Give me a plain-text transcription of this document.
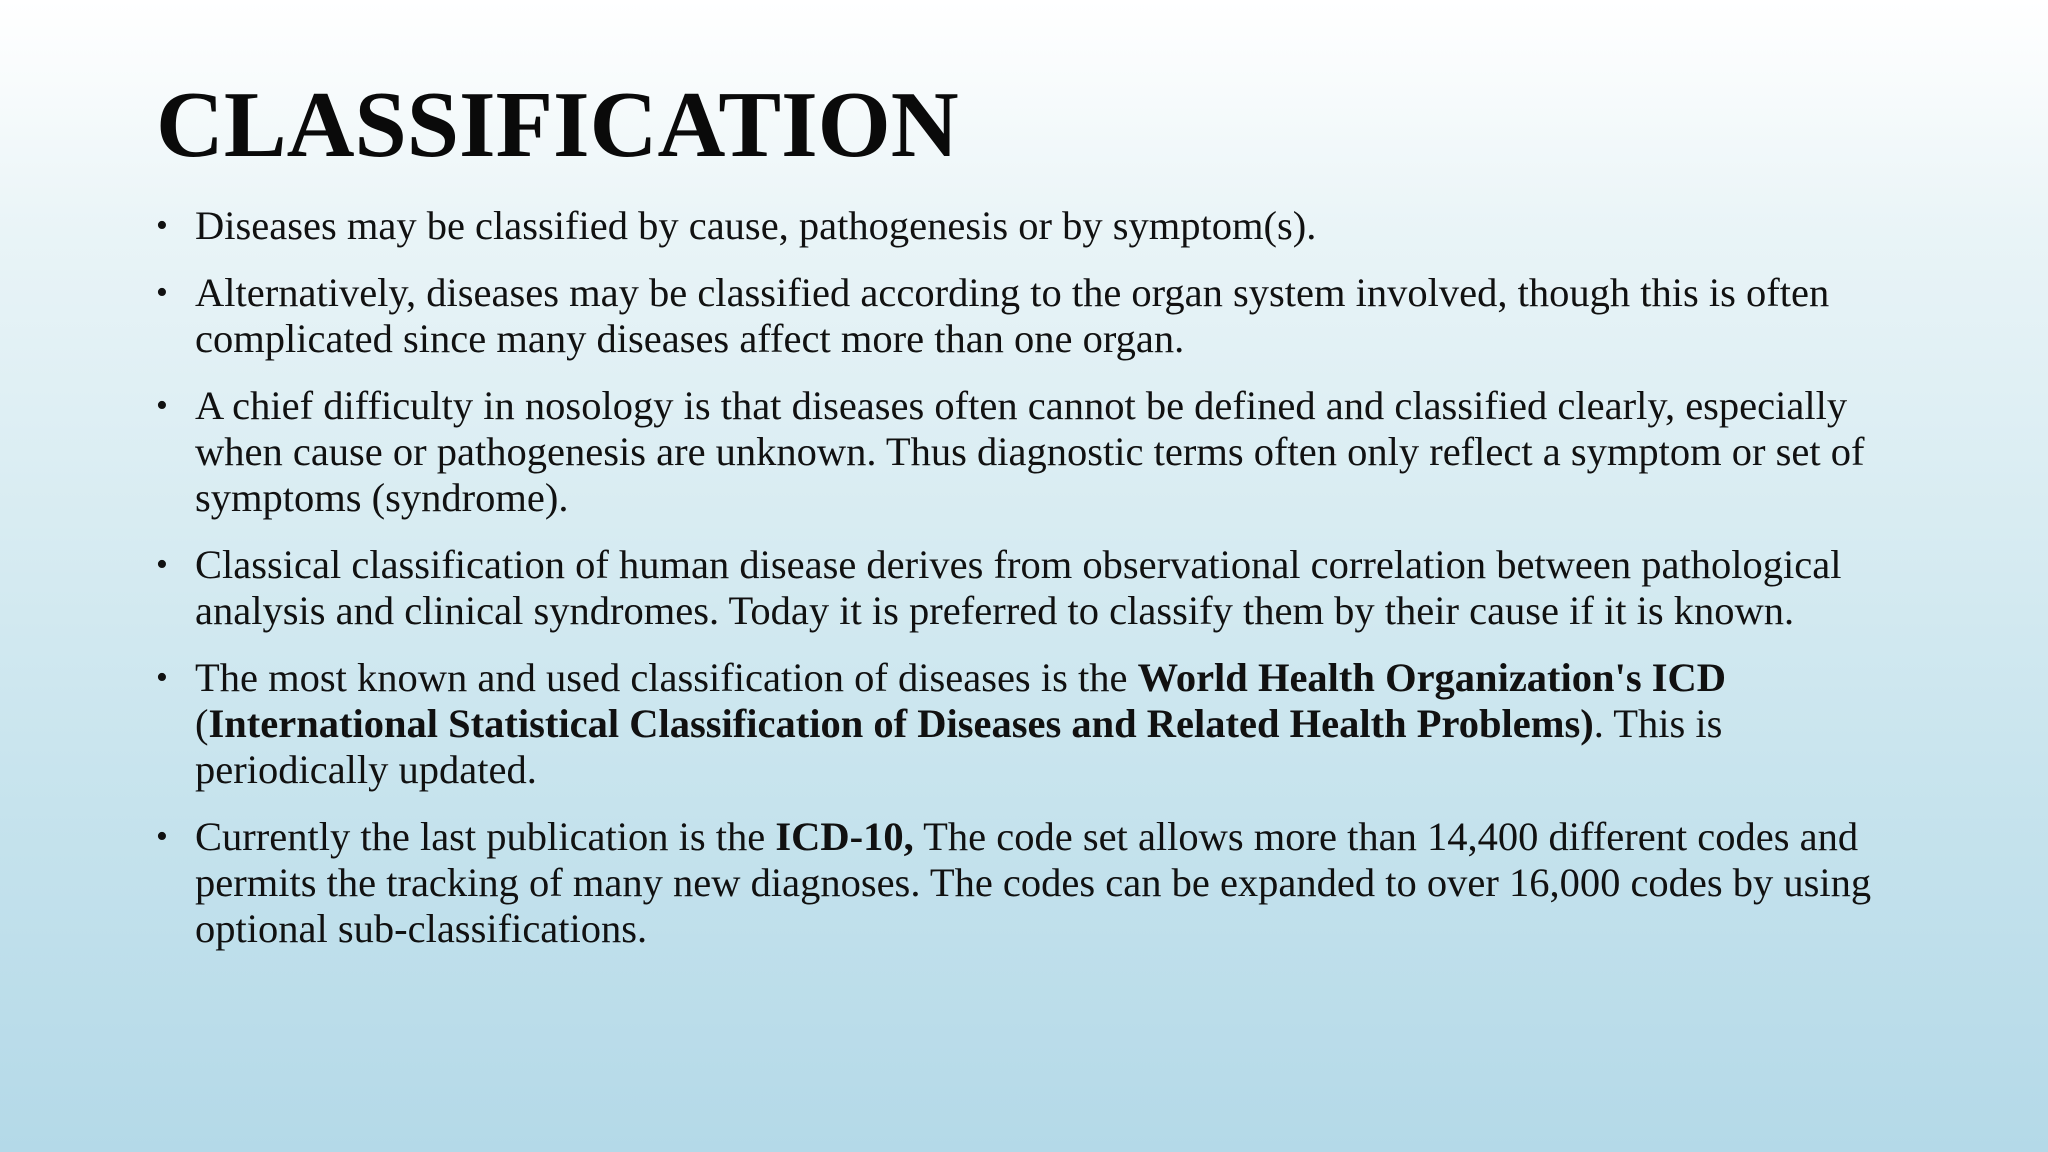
CLASSIFICATION
• Diseases may be classified by cause, pathogenesis or by symptom(s).
• Alternatively, diseases may be classified according to the organ system involved, though this is often complicated since many diseases affect more than one organ.
• A chief difficulty in nosology is that diseases often cannot be defined and classified clearly, especially when cause or pathogenesis are unknown. Thus diagnostic terms often only reflect a symptom or set of symptoms (syndrome).
• Classical classification of human disease derives from observational correlation between pathological analysis and clinical syndromes. Today it is preferred to classify them by their cause if it is known.
• The most known and used classification of diseases is the World Health Organization's ICD (International Statistical Classification of Diseases and Related Health Problems). This is periodically updated.
• Currently the last publication is the ICD-10, The code set allows more than 14,400 different codes and permits the tracking of many new diagnoses. The codes can be expanded to over 16,000 codes by using optional sub-classifications.
